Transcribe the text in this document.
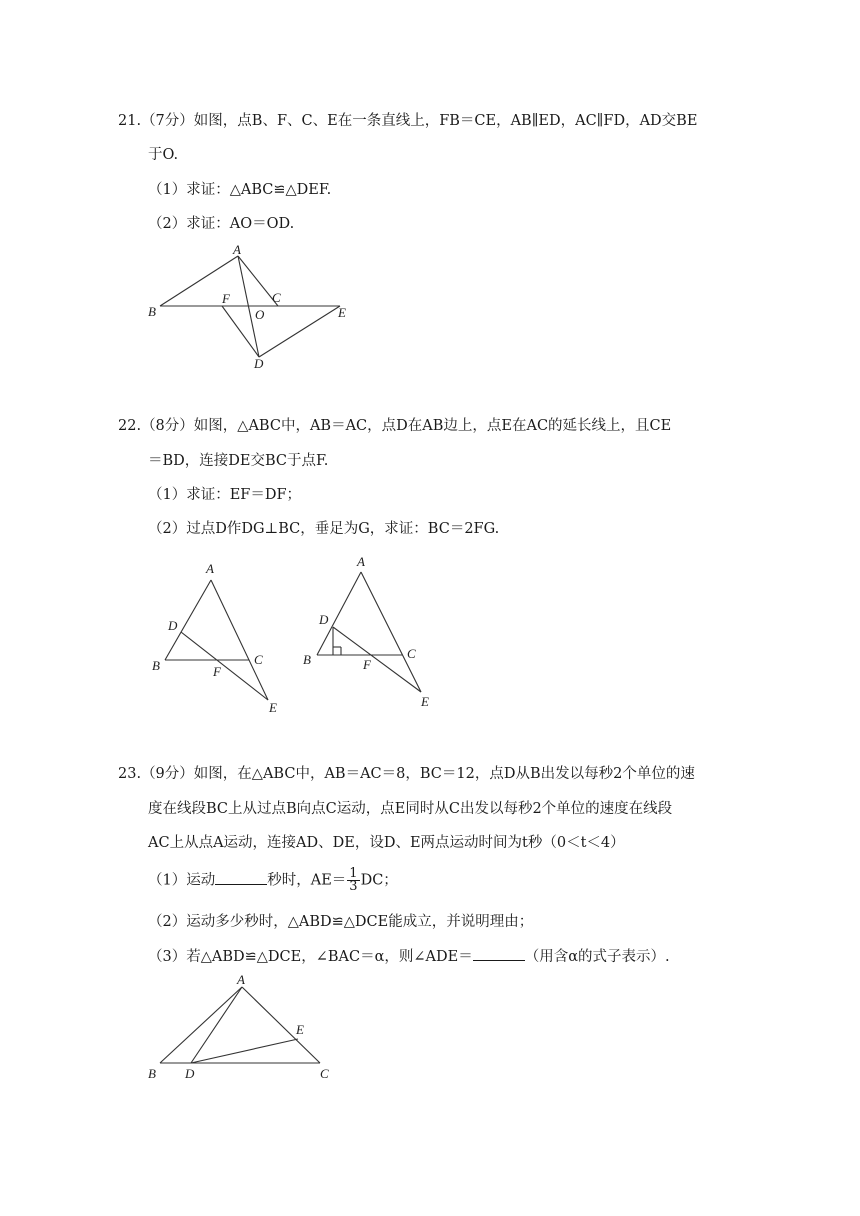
21.（7分）如图，点B、F、C、E在一条直线上，FB＝CE，AB∥ED，AC∥FD，AD交BE
于O.
（1）求证：△ABC≌△DEF.
（2）求证：AO＝OD.
A
B
F	C
O	E
D
22.（8分）如图，△ABC中，AB＝AC，点D在AB边上，点E在AC的延长线上，且CE
＝BD，连接DE交BC于点F.
（1）求证：EF＝DF；
（2）过点D作DG⊥BC，垂足为G，求证：BC＝2FG.
A
D
B	C
F
E
A
D
B	C
F
E
23.（9分）如图，在△ABC中，AB＝AC＝8，BC＝12，点D从B出发以每秒2个单位的速
度在线段BC上从过点B向点C运动，点E同时从C出发以每秒2个单位的速度在线段
AC上从点A运动，连接AD、DE，设D、E两点运动时间为t秒（0＜t＜4）
（1）运动	秒时，$AE= \frac{1}{3}$ DC；
（2）运动多少秒时，△ABD≌△DCE能成立，并说明理由；
（3）若△ABD≌△DCE，∠BAC＝α，则∠ADE＝	（用含α的式子表示）.
A
E
B D	C
